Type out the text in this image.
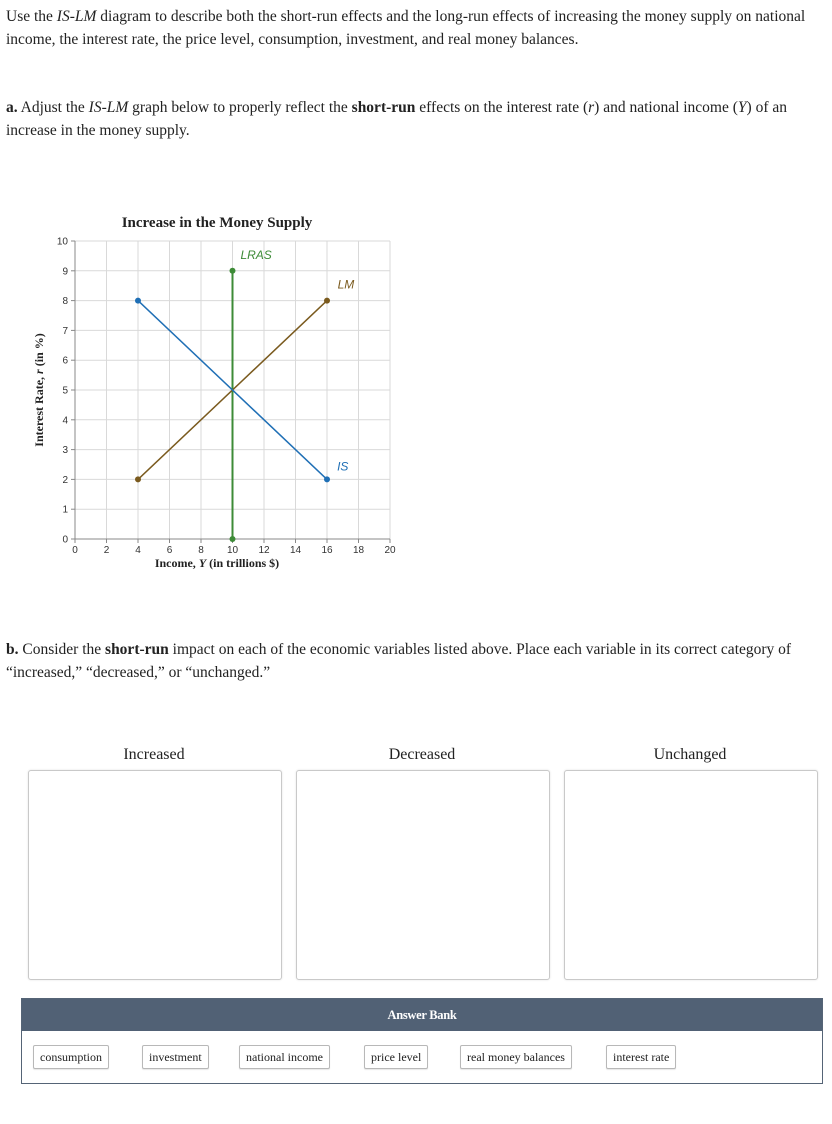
Use the IS-LM diagram to describe both the short-run effects and the long-run effects of increasing the money supply on national income, the interest rate, the price level, consumption, investment, and real money balances.

a. Adjust the IS-LM graph below to properly reflect the short-run effects on the interest rate (r) and national income (Y) of an increase in the money supply.

Increase in the Money Supply
0	2	4	6	8 10 12 14 16 18 20
0
1
2
3
4
5
6
7
8
9
10
LRAS
LM
IS
Income, Y (in trillions $)
Interest Rate, r (in %)

b. Consider the short-run impact on each of the economic variables listed above. Place each variable in its correct category of “increased,” “decreased,” or “unchanged.”

Increased	Decreased	Unchanged
Answer Bank
consumption	investment	national income	price level	real money balances	interest rate
